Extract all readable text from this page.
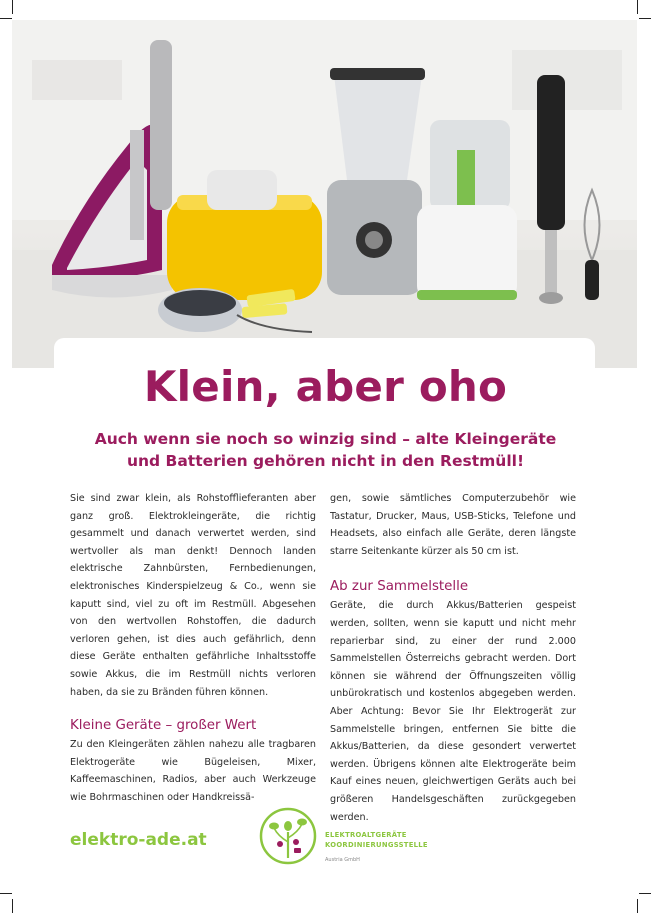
Klein, aber oho
Auch wenn sie noch so winzig sind – alte Kleingeräte
und Batterien gehören nicht in den Restmüll!

Sie sind zwar klein, als Rohstofflieferanten aber ganz groß. Elektrokleingeräte, die richtig gesammelt und danach verwertet werden, sind wertvoller als man denkt! Dennoch landen elektrische Zahnbürsten, Fernbedienungen, elektronisches Kinderspielzeug & Co., wenn sie kaputt sind, viel zu oft im Restmüll. Abgesehen von den wertvollen Rohstoffen, die dadurch verloren gehen, ist dies auch gefährlich, denn diese Geräte enthalten gefährliche Inhaltsstoffe sowie Akkus, die im Restmüll nichts verloren haben, da sie zu Bränden führen können.

Kleine Geräte – großer Wert

Zu den Kleingeräten zählen nahezu alle tragbaren Elektrogeräte wie Bügeleisen, Mixer, Kaffeemaschinen, Radios, aber auch Werkzeuge wie Bohrmaschinen oder Handkreissä-

gen, sowie sämtliches Computerzubehör wie Tastatur, Drucker, Maus, USB-Sticks, Telefone und Headsets, also einfach alle Geräte, deren längste starre Seitenkante kürzer als 50 cm ist.

Ab zur Sammelstelle

Geräte, die durch Akkus/Batterien gespeist werden, sollten, wenn sie kaputt und nicht mehr reparierbar sind, zu einer der rund 2.000 Sammelstellen Österreichs gebracht werden. Dort können sie während der Öffnungszeiten völlig unbürokratisch und kostenlos abgegeben werden. Aber Achtung: Bevor Sie Ihr Elektrogerät zur Sammelstelle bringen, entfernen Sie bitte die Akkus/Batterien, da diese gesondert verwertet werden. Übrigens können alte Elektrogeräte beim Kauf eines neuen, gleichwertigen Geräts auch bei größeren Handelsgeschäften zurückgegeben werden.

elektro-ade.at	ELEKTROALTGERÄTE
KOORDINIERUNGSSTELLE
Austria GmbH
